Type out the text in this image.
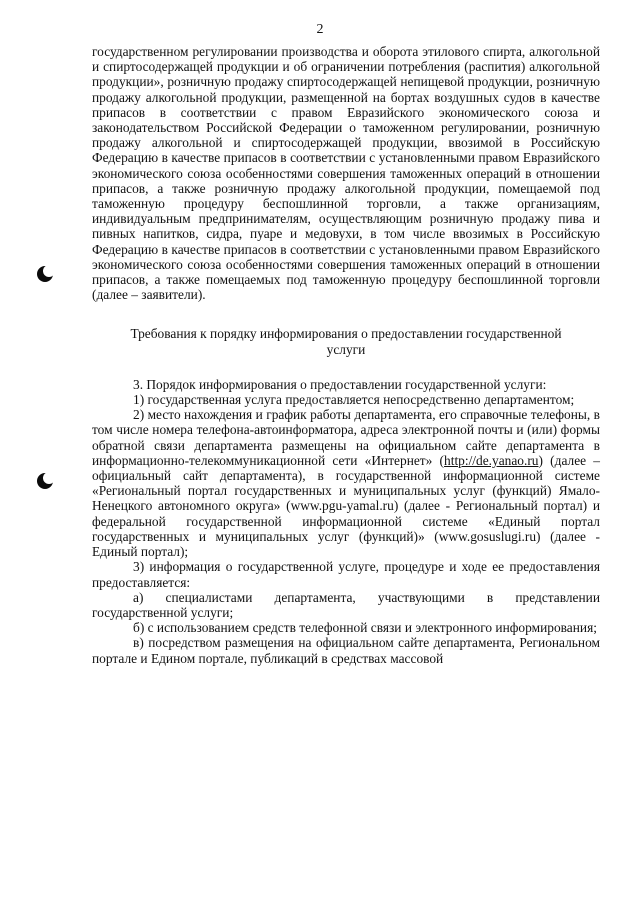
2

государственном регулировании производства и оборота этилового спирта, алкогольной и спиртосодержащей продукции и об ограничении потребления (распития) алкогольной продукции», розничную продажу спиртосодержащей непищевой продукции, розничную продажу алкогольной продукции, размещенной на бортах воздушных судов в качестве припасов в соответствии с правом Евразийского экономического союза и законодательством Российской Федерации о таможенном регулировании, розничную продажу алкогольной и спиртосодержащей продукции, ввозимой в Российскую Федерацию в качестве припасов в соответствии с установленными правом Евразийского экономического союза особенностями совершения таможенных операций в отношении припасов, а также розничную продажу алкогольной продукции, помещаемой под таможенную процедуру беспошлинной торговли, а также организациям, индивидуальным предпринимателям, осуществляющим розничную продажу пива и пивных напитков, сидра, пуаре и медовухи, в том числе ввозимых в Российскую Федерацию в качестве припасов в соответствии с установленными правом Евразийского экономического союза особенностями совершения таможенных операций в отношении припасов, а также помещаемых под таможенную процедуру беспошлинной торговли (далее – заявители).

Требования к порядку информирования о предоставлении государственной услуги

3. Порядок информирования о предоставлении государственной услуги:

1) государственная услуга предоставляется непосредственно департаментом;

2) место нахождения и график работы департамента, его справочные телефоны, в том числе номера телефона-автоинформатора, адреса электронной почты и (или) формы обратной связи департамента размещены на официальном сайте департамента в информационно-телекоммуникационной сети «Интернет» (http://de.yanao.ru) (далее – официальный сайт департамента), в государственной информационной системе «Региональный портал государственных и муниципальных услуг (функций) Ямало-Ненецкого автономного округа» (www.pgu-yamal.ru) (далее - Региональный портал) и федеральной государственной информационной системе «Единый портал государственных и муниципальных услуг (функций)» (www.gosuslugi.ru) (далее - Единый портал);

3) информация о государственной услуге, процедуре и ходе ее предоставления предоставляется:

а) специалистами департамента, участвующими в представлении государственной услуги;

б) с использованием средств телефонной связи и электронного информирования;

в) посредством размещения на официальном сайте департамента, Региональном портале и Едином портале, публикаций в средствах массовой
